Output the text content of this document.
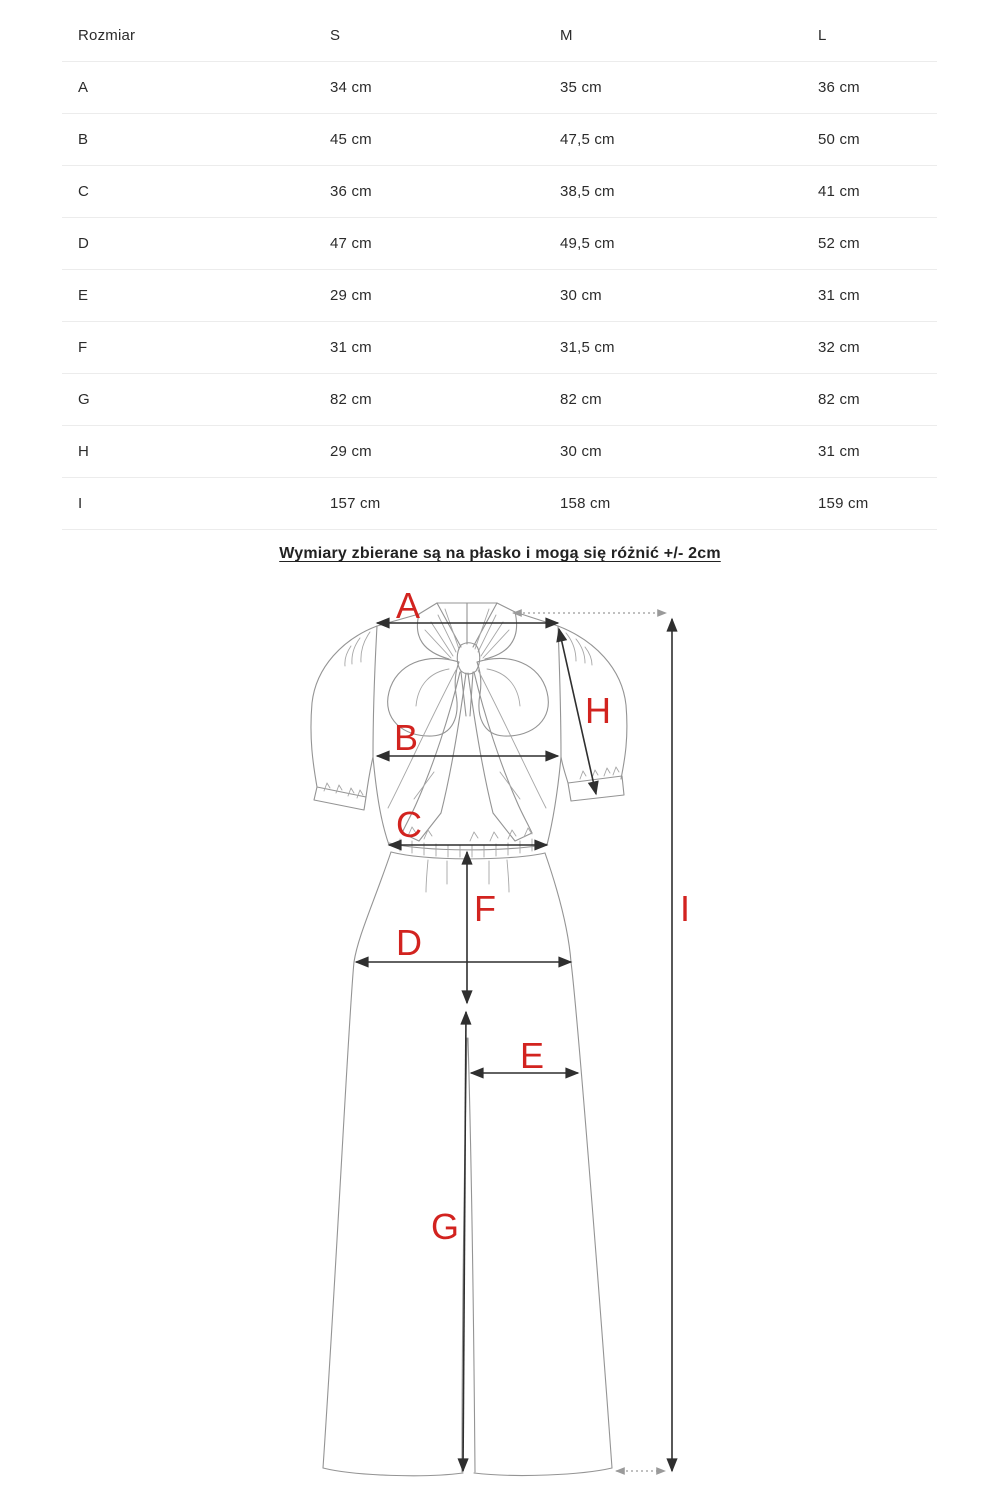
Rozmiar	S	M	L
A	34 cm	35 cm	36 cm
B	45 cm	47,5 cm	50 cm
C	36 cm	38,5 cm	41 cm
D	47 cm	49,5 cm	52 cm
E	29 cm	30 cm	31 cm
F	31 cm	31,5 cm	32 cm
G	82 cm	82 cm	82 cm
H	29 cm	30 cm	31 cm
I	157 cm	158 cm	159 cm
Wymiary zbierane są na płasko i mogą się różnić +/- 2cm
A
B
C
D
E
F
G
H
I
